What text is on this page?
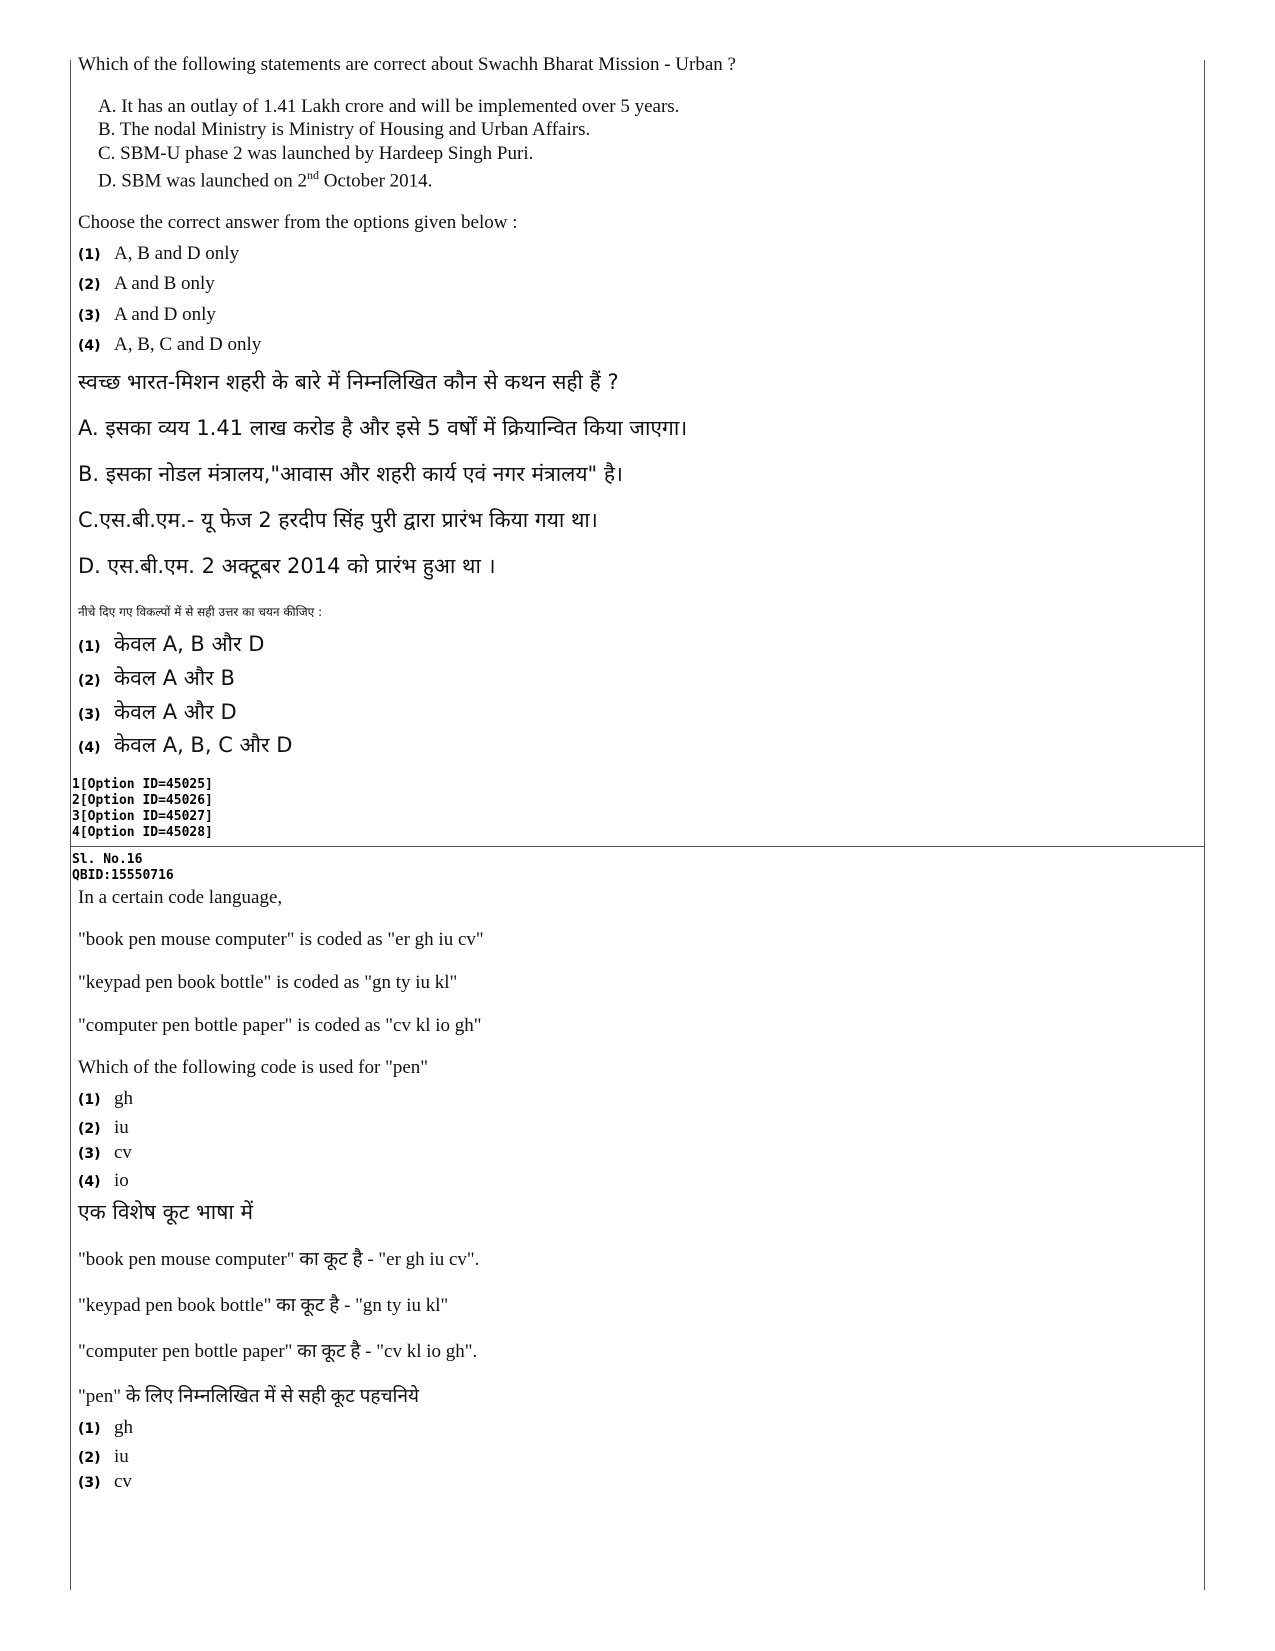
Which of the following statements are correct about Swachh Bharat Mission - Urban ?
A. It has an outlay of 1.41 Lakh crore and will be implemented over 5 years.
B. The nodal Ministry is Ministry of Housing and Urban Affairs.
C. SBM-U phase 2 was launched by Hardeep Singh Puri.
D. SBM was launched on 2nd October 2014.
Choose the correct answer from the options given below :
(1) A, B and D only
(2) A and B only
(3) A and D only
(4) A, B, C and D only
स्वच्छ भारत-मिशन शहरी के बारे में निम्नलिखित कौन से कथन सही हैं ?
A. इसका व्यय 1.41 लाख करोड है और इसे 5 वर्षों में क्रियान्वित किया जाएगा।
B. इसका नोडल मंत्रालय,"आवास और शहरी कार्य एवं नगर मंत्रालय" है।
C.एस.बी.एम.- यू फेज 2 हरदीप सिंह पुरी द्वारा प्रारंभ किया गया था।
D. एस.बी.एम. 2 अक्टूबर 2014 को प्रारंभ हुआ था ।
नीचे दिए गए विकल्पों में से सही उत्तर का चयन कीजिए :
(1) केवल A, B और D
(2) केवल A और B
(3) केवल A और D
(4) केवल A, B, C और D
1[Option ID=45025]
2[Option ID=45026]
3[Option ID=45027]
4[Option ID=45028]
Sl. No.16
QBID:15550716
In a certain code language,
"book pen mouse computer" is coded as "er gh iu cv"
"keypad pen book bottle" is coded as "gn ty iu kl"
"computer pen bottle paper" is coded as "cv kl io gh"
Which of the following code is used for "pen"
(1) gh
(2) iu
(3) cv
(4) io
एक विशेष कूट भाषा में
"book pen mouse computer" का कूट है - "er gh iu cv".
"keypad pen book bottle" का कूट है - "gn ty iu kl"
"computer pen bottle paper" का कूट है - "cv kl io gh".
"pen" के लिए निम्नलिखित में से सही कूट पहचनिये
(1) gh
(2) iu
(3) cv
